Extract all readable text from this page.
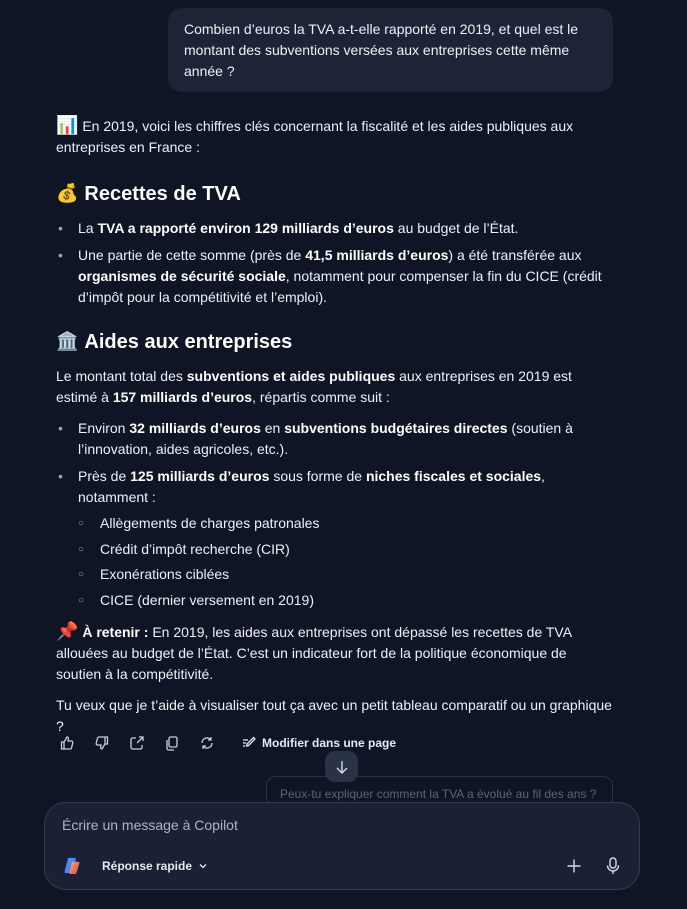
Combien d’euros la TVA a-t-elle rapporté en 2019, et quel est le montant des subventions versées aux entreprises cette même année ?

📊 En 2019, voici les chiffres clés concernant la fiscalité et les aides publiques aux entreprises en France :

💰 Recettes de TVA
• La TVA a rapporté environ 129 milliards d’euros au budget de l’État.
• Une partie de cette somme (près de 41,5 milliards d’euros) a été transférée aux organismes de sécurité sociale, notamment pour compenser la fin du CICE (crédit d’impôt pour la compétitivité et l’emploi).
🏛️ Aides aux entreprises

Le montant total des subventions et aides publiques aux entreprises en 2019 est estimé à 157 milliards d’euros, répartis comme suit :

• Environ 32 milliards d’euros en subventions budgétaires directes (soutien à l’innovation, aides agricoles, etc.).
• Près de 125 milliards d’euros sous forme de niches fiscales et sociales, notamment :
○ Allègements de charges patronales
○ Crédit d’impôt recherche (CIR)
○ Exonérations ciblées
○ CICE (dernier versement en 2019)

📌 À retenir : En 2019, les aides aux entreprises ont dépassé les recettes de TVA allouées au budget de l’État. C’est un indicateur fort de la politique économique de soutien à la compétitivité.

Tu veux que je t’aide à visualiser tout ça avec un petit tableau comparatif ou un graphique ?

Modifier dans une page
Peux-tu expliquer comment la TVA a évolué au fil des ans ?
Écrire un message à Copilot
Réponse rapide
